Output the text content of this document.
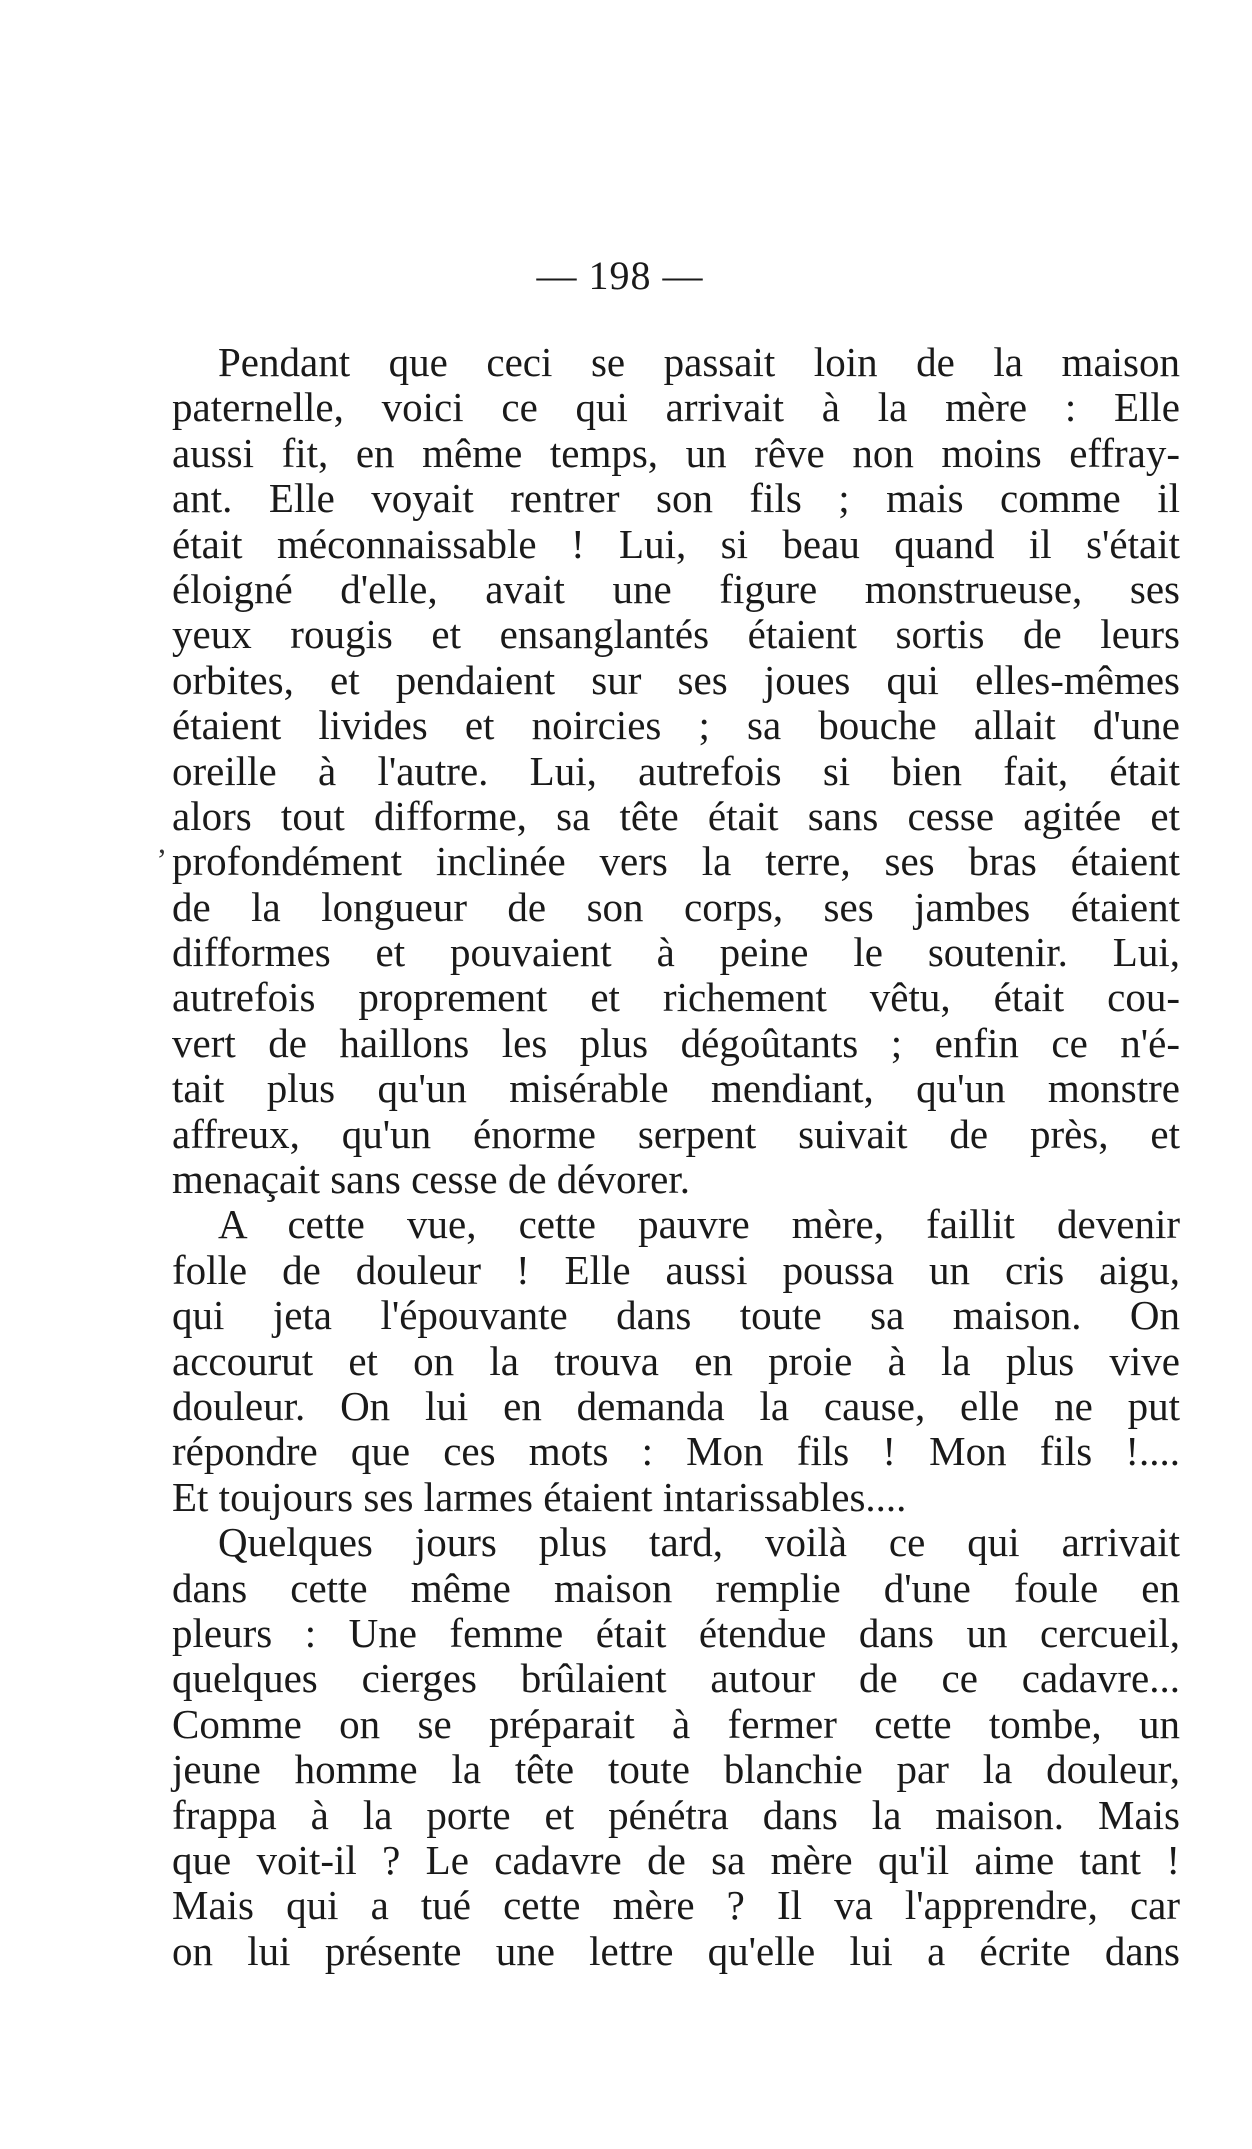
— 198 —
,
Pendant que ceci se passait loin de la maison
paternelle, voici ce qui arrivait à la mère : Elle
aussi fit, en même temps, un rêve non moins effray-
ant. Elle voyait rentrer son fils ; mais comme il
était méconnaissable ! Lui, si beau quand il s'était
éloigné d'elle, avait une figure monstrueuse, ses
yeux rougis et ensanglantés étaient sortis de leurs
orbites, et pendaient sur ses joues qui elles-mêmes
étaient livides et noircies ; sa bouche allait d'une
oreille à l'autre. Lui, autrefois si bien fait, était
alors tout difforme, sa tête était sans cesse agitée et
profondément inclinée vers la terre, ses bras étaient
de la longueur de son corps, ses jambes étaient
difformes et pouvaient à peine le soutenir. Lui,
autrefois proprement et richement vêtu, était cou-
vert de haillons les plus dégoûtants ; enfin ce n'é-
tait plus qu'un misérable mendiant, qu'un monstre
affreux, qu'un énorme serpent suivait de près, et
menaçait sans cesse de dévorer.
A cette vue, cette pauvre mère, faillit devenir
folle de douleur ! Elle aussi poussa un cris aigu,
qui jeta l'épouvante dans toute sa maison. On
accourut et on la trouva en proie à la plus vive
douleur. On lui en demanda la cause, elle ne put
répondre que ces mots : Mon fils ! Mon fils !....
Et toujours ses larmes étaient intarissables....
Quelques jours plus tard, voilà ce qui arrivait
dans cette même maison remplie d'une foule en
pleurs : Une femme était étendue dans un cercueil,
quelques cierges brûlaient autour de ce cadavre...
Comme on se préparait à fermer cette tombe, un
jeune homme la tête toute blanchie par la douleur,
frappa à la porte et pénétra dans la maison. Mais
que voit-il ? Le cadavre de sa mère qu'il aime tant !
Mais qui a tué cette mère ? Il va l'apprendre, car
on lui présente une lettre qu'elle lui a écrite dans
